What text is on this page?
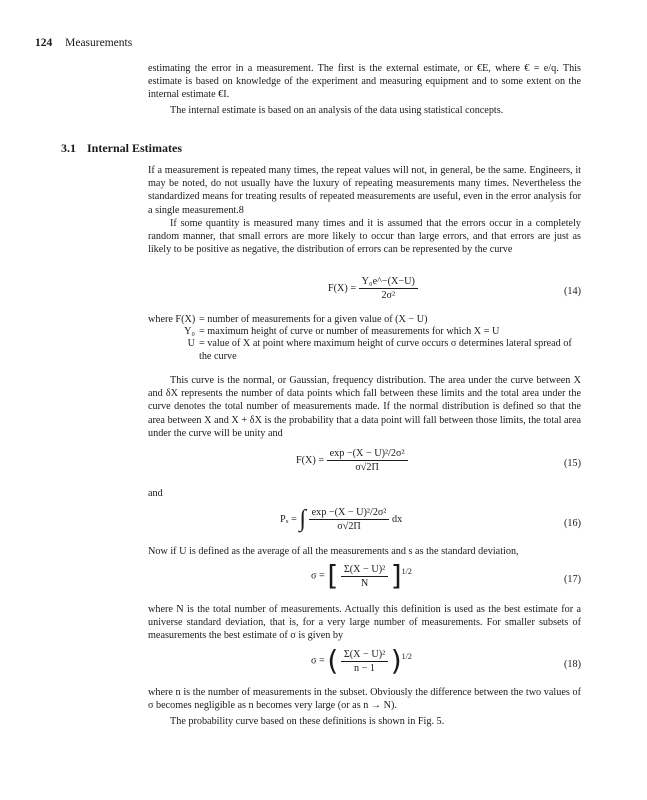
124 Measurements
estimating the error in a measurement. The first is the external estimate, or €E, where € = e/q. This estimate is based on knowledge of the experiment and measuring equipment and to some extent on the internal estimate €I.
The internal estimate is based on an analysis of the data using statistical concepts.
3.1 Internal Estimates
If a measurement is repeated many times, the repeat values will not, in general, be the same. Engineers, it may be noted, do not usually have the luxury of repeating measurements many times. Nevertheless the standardized means for treating results of repeated measurements are useful, even in the error analysis for a single measurement.8
If some quantity is measured many times and it is assumed that the errors occur in a completely random manner, that small errors are more likely to occur than large errors, and that errors are just as likely to be positive as negative, the distribution of errors can be represented by the curve
$F(X) = \frac{\text{Y₀e\textasciicircum{}−(X−U)}}{\text{2σ²}}$	(14)
where F(X) = number of measurements for a given value of (X − U)
Y₀ = maximum height of curve or number of measurements for which X = U
U = value of X at point where maximum height of curve occurs σ determines lateral spread of the curve
This curve is the normal, or Gaussian, frequency distribution. The area under the curve between X and δX represents the number of data points which fall between these limits and the total area under the curve denotes the total number of measurements made. If the normal distribution is defined so that the area between X and X + δX is the probability that a data point will fall between those limits, the total area under the curve will be unity and
$F(X) = \frac{\text{exp −(X − U)²/2σ²}}{\sigma√2\Pi}$	(15)
and
Pₓ = ∫ $\frac{\text{exp −(X − U)²/2σ²}}{\sigma√2\Pi}$ dx	(16)
Now if U is defined as the average of all the measurements and s as the standard deviation,
σ = [ $\frac{\text{Σ(X − U)²}}{N} ]^{1/2}$
(17)
where N is the total number of measurements. Actually this definition is used as the best estimate for a universe standard deviation, that is, for a very large number of measurements. For smaller subsets of measurements the best estimate of σ is given by
σ = ( $\frac{\text{Σ(X − U)²}}{n - 1} )^{1/2}$
(18)
where n is the number of measurements in the subset. Obviously the difference between the two values of σ becomes negligible as n becomes very large (or as n → N).
The probability curve based on these definitions is shown in Fig. 5.
